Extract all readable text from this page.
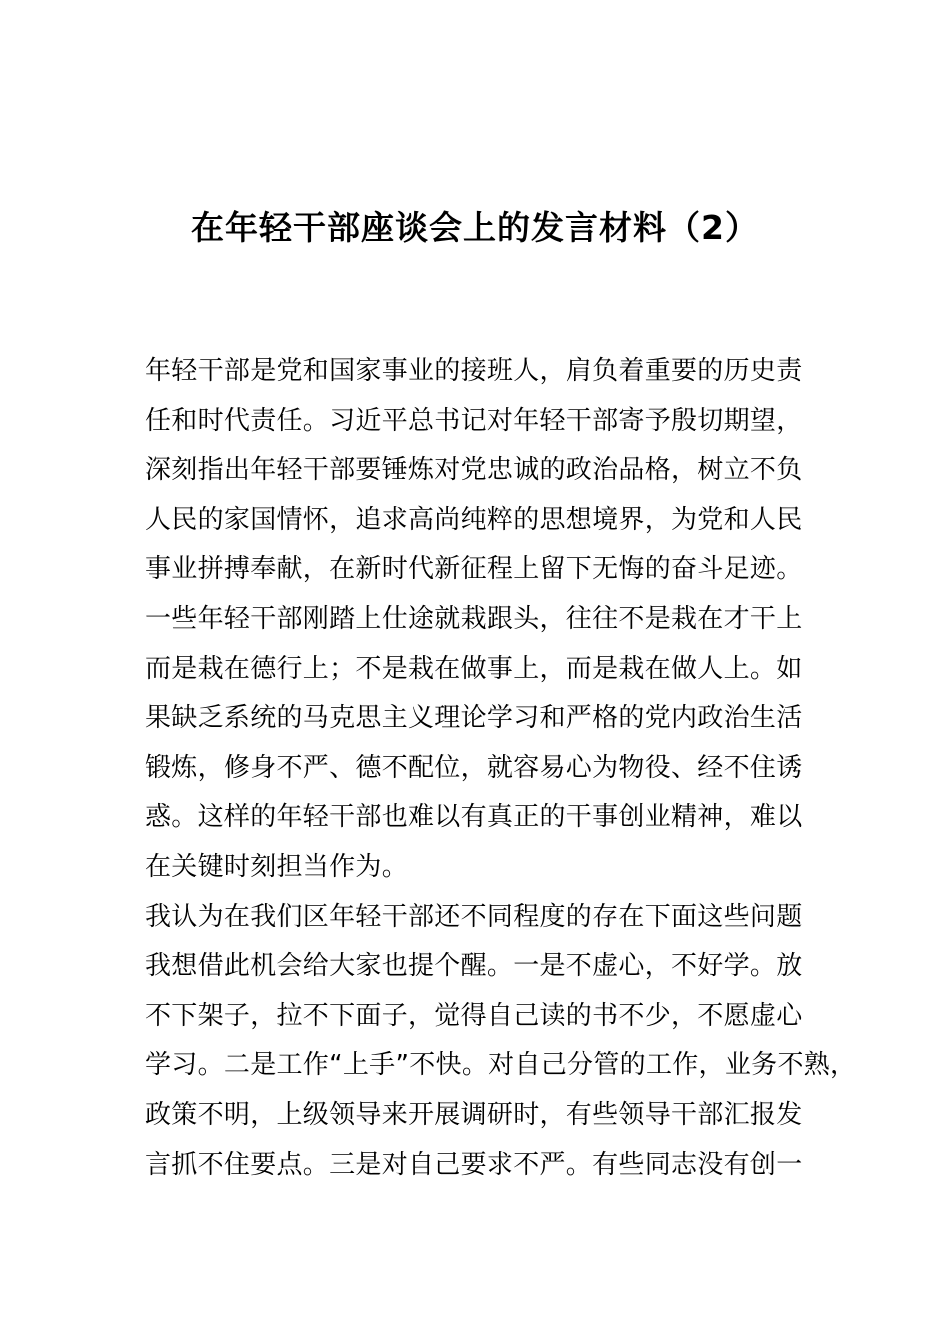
在年轻干部座谈会上的发言材料（2）
年轻干部是党和国家事业的接班人，肩负着重要的历史责
任和时代责任。习近平总书记对年轻干部寄予殷切期望，
深刻指出年轻干部要锤炼对党忠诚的政治品格，树立不负
人民的家国情怀，追求高尚纯粹的思想境界，为党和人民
事业拼搏奉献，在新时代新征程上留下无悔的奋斗足迹。
一些年轻干部刚踏上仕途就栽跟头，往往不是栽在才干上
而是栽在德行上；不是栽在做事上，而是栽在做人上。如
果缺乏系统的马克思主义理论学习和严格的党内政治生活
锻炼，修身不严、德不配位，就容易心为物役、经不住诱
惑。这样的年轻干部也难以有真正的干事创业精神，难以
在关键时刻担当作为。
我认为在我们区年轻干部还不同程度的存在下面这些问题
我想借此机会给大家也提个醒。一是不虚心，不好学。放
不下架子，拉不下面子，觉得自己读的书不少，不愿虚心
学习。二是工作“上手”不快。对自己分管的工作，业务不熟，
政策不明，上级领导来开展调研时，有些领导干部汇报发
言抓不住要点。三是对自己要求不严。有些同志没有创一
